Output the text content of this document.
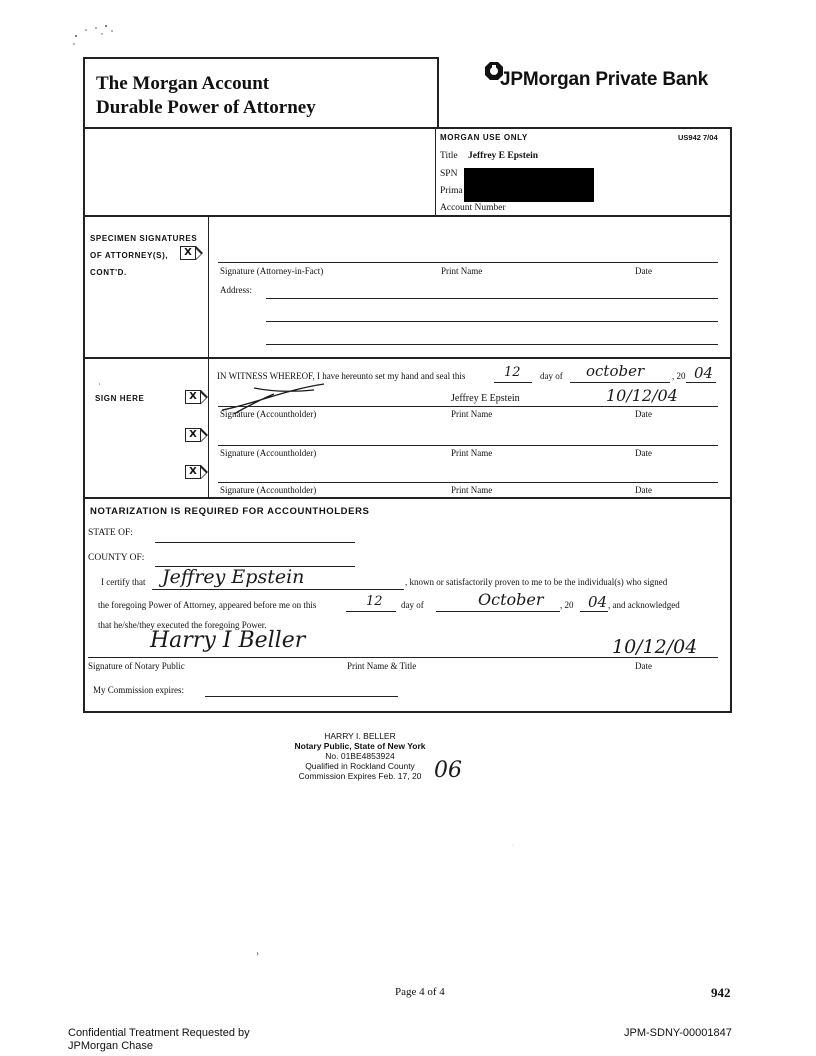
The Morgan Account
Durable Power of Attorney
JPMorgan Private Bank
MORGAN USE ONLY	US942 7/04
Title Jeffrey E Epstein
SPN
Prima
Account Number
SPECIMEN SIGNATURES
OF ATTORNEY(S),
CONT'D.
X
Signature (Attorney-in-Fact)	Print Name	Date
Address:
·
SIGN HERE	X
X
X
IN WITNESS WHEREOF, I have hereunto set my hand and seal this	12 day of october	, 20 04
Jeffrey E Epstein	10/12/04
Signature (Accountholder)	Print Name	Date
Signature (Accountholder)	Print Name	Date
Signature (Accountholder)	Print Name	Date
NOTARIZATION IS REQUIRED FOR ACCOUNTHOLDERS
STATE OF:
COUNTY OF:
I certify that Jeffrey Epstein	, known or satisfactorily proven to me to be the individual(s) who signed
the foregoing Power of Attorney, appeared before me on this	12 day of	October , 20 04 , and acknowledged
that he/she/they executed the foregoing Power.
Harry I Beller
Signature of Notary Public	Print Name & Title	Date
10/12/04
My Commission expires:
HARRY I. BELLER
Notary Public, State of New York
No. 01BE4853924
Qualified in Rockland County
Commission Expires Feb. 17, 20 06
·
›
Page 4 of 4	942
Confidential Treatment Requested by
JPMorgan Chase
JPM-SDNY-00001847
